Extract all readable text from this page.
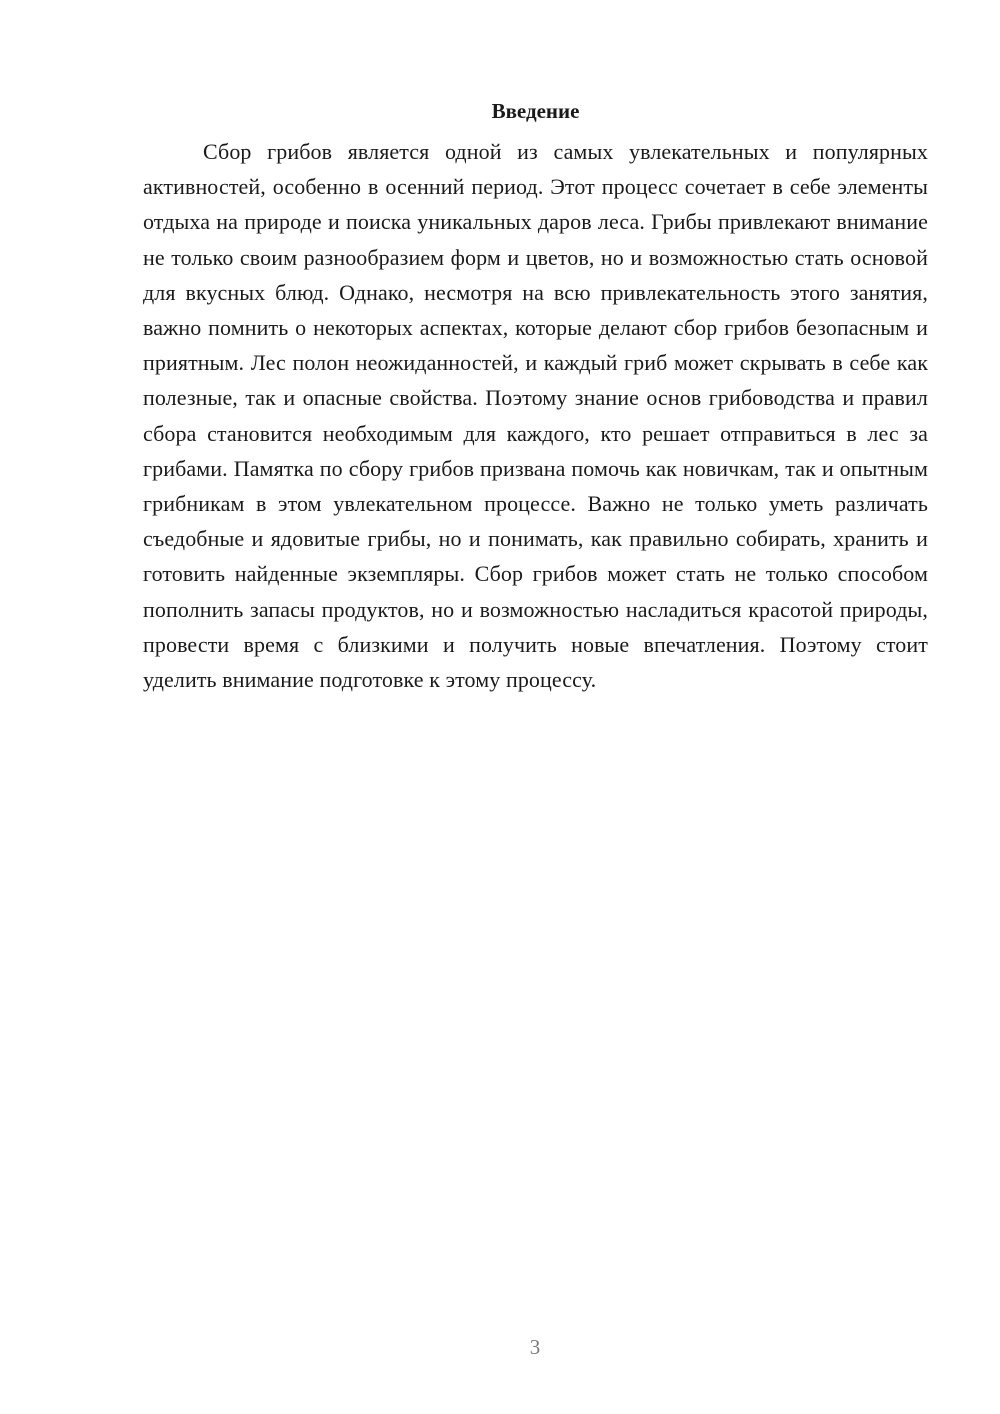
Введение

Сбор грибов является одной из самых увлекательных и популярных активностей, особенно в осенний период. Этот процесс сочетает в себе элементы отдыха на природе и поиска уникальных даров леса. Грибы привлекают внимание не только своим разнообразием форм и цветов, но и возможностью стать основой для вкусных блюд. Однако, несмотря на всю привлекательность этого занятия, важно помнить о некоторых аспектах, которые делают сбор грибов безопасным и приятным. Лес полон неожиданностей, и каждый гриб может скрывать в себе как полезные, так и опасные свойства. Поэтому знание основ грибоводства и правил сбора становится необходимым для каждого, кто решает отправиться в лес за грибами. Памятка по сбору грибов призвана помочь как новичкам, так и опытным грибникам в этом увлекательном процессе. Важно не только уметь различать съедобные и ядовитые грибы, но и понимать, как правильно собирать, хранить и готовить найденные экземпляры. Сбор грибов может стать не только способом пополнить запасы продуктов, но и возможностью насладиться красотой природы, провести время с близкими и получить новые впечатления. Поэтому стоит уделить внимание подготовке к этому процессу.

3
